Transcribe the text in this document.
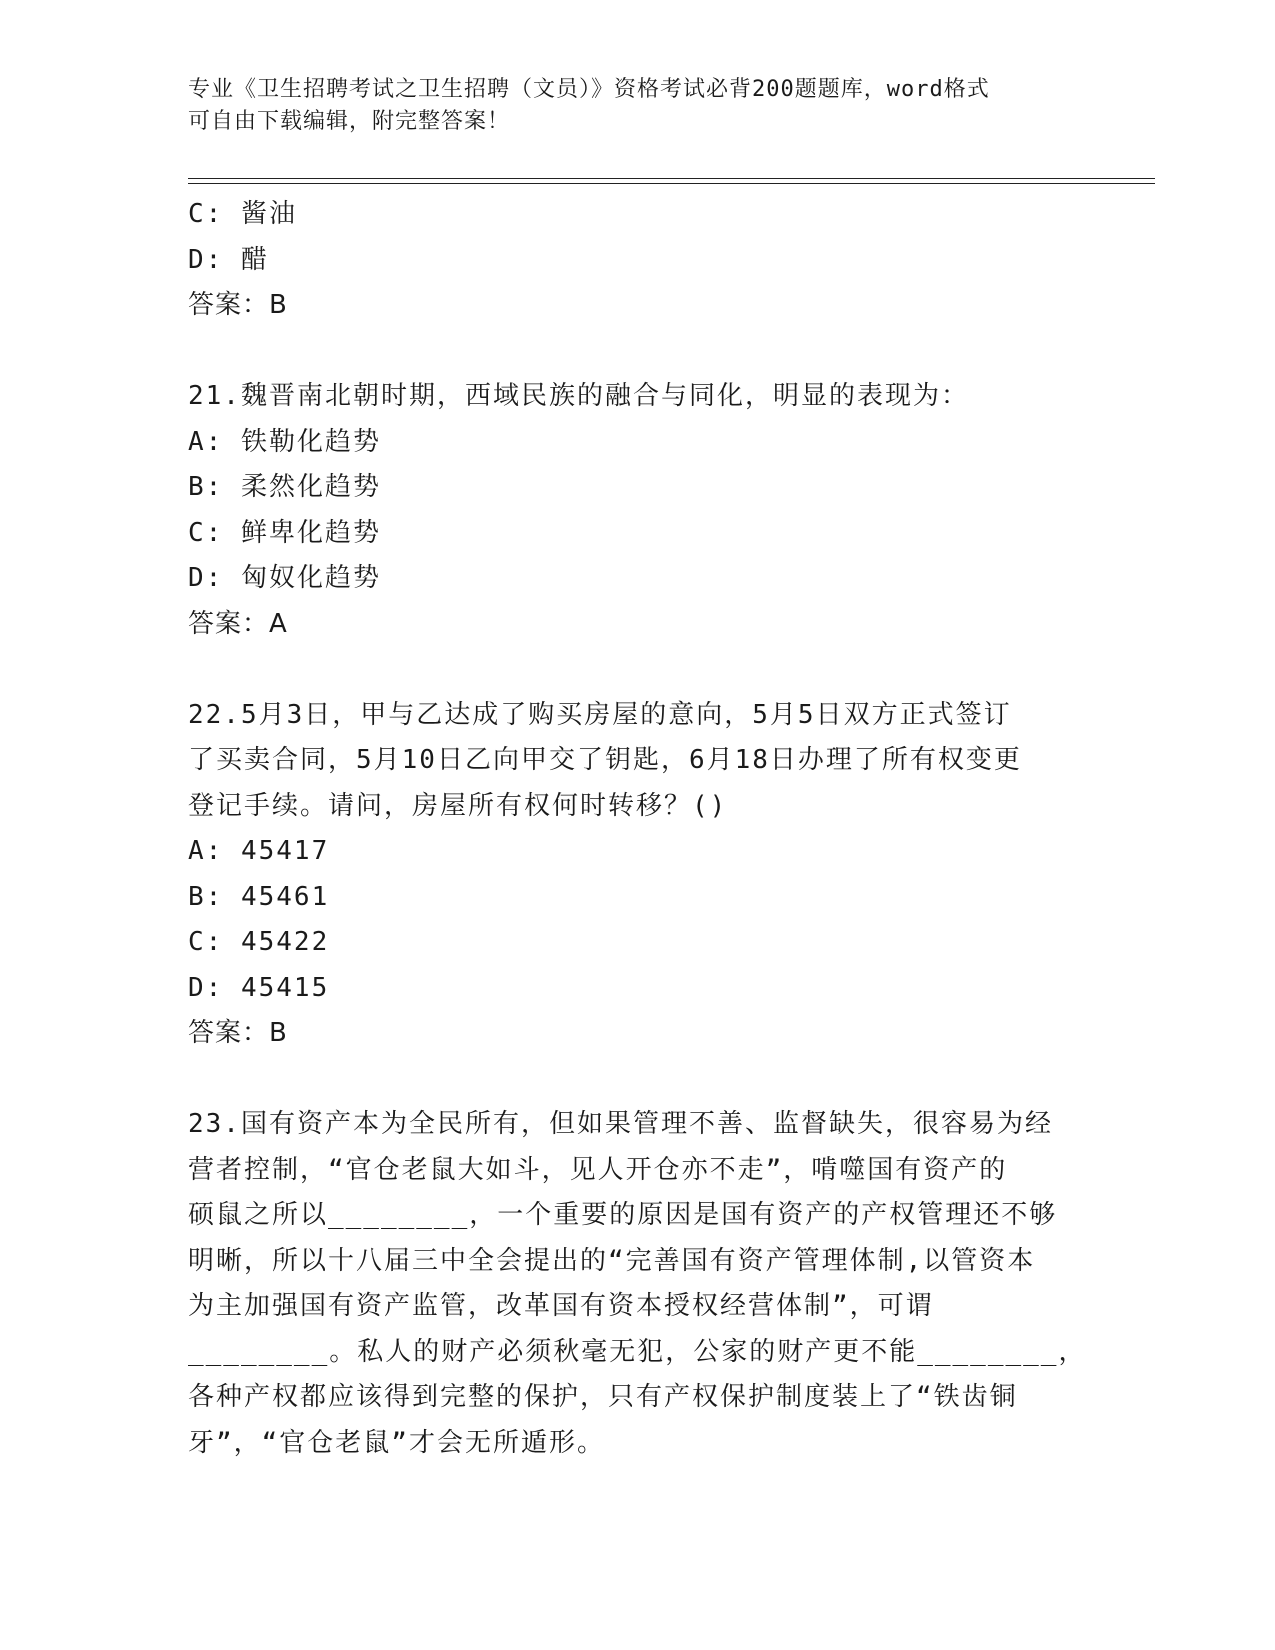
专业《卫生招聘考试之卫生招聘（文员）》资格考试必背200题题库，word格式
可自由下载编辑，附完整答案！
C: 酱油
D: 醋
答案：B
21.魏晋南北朝时期，西域民族的融合与同化，明显的表现为：
A: 铁勒化趋势
B: 柔然化趋势
C: 鲜卑化趋势
D: 匈奴化趋势
答案：A
22.5月3日，甲与乙达成了购买房屋的意向，5月5日双方正式签订
了买卖合同，5月10日乙向甲交了钥匙，6月18日办理了所有权变更
登记手续。请问，房屋所有权何时转移？()
A: 45417
B: 45461
C: 45422
D: 45415
答案：B
23.国有资产本为全民所有，但如果管理不善、监督缺失，很容易为经
营者控制，“官仓老鼠大如斗，见人开仓亦不走”，啃噬国有资产的
硕鼠之所以________，一个重要的原因是国有资产的产权管理还不够
明晰，所以十八届三中全会提出的“完善国有资产管理体制,以管资本
为主加强国有资产监管，改革国有资本授权经营体制”，可谓
________。私人的财产必须秋毫无犯，公家的财产更不能________，
各种产权都应该得到完整的保护，只有产权保护制度装上了“铁齿铜
牙”，“官仓老鼠”才会无所遁形。
